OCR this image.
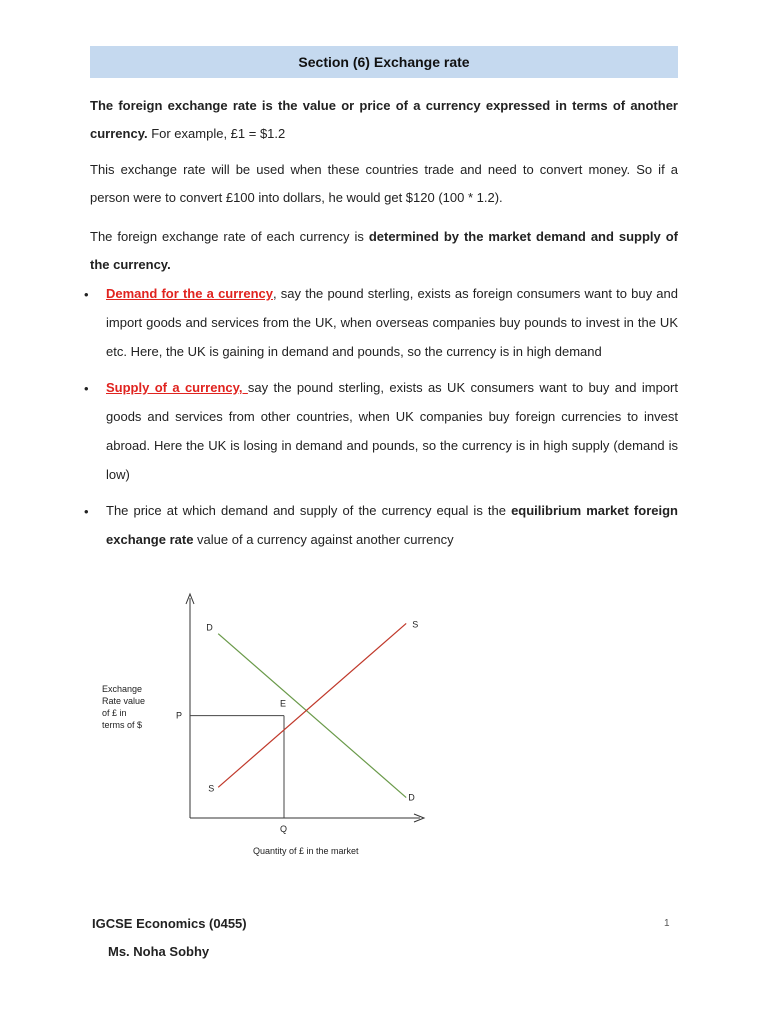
Section (6) Exchange rate
The foreign exchange rate is the value or price of a currency expressed in terms of another currency. For example, £1 = $1.2
This exchange rate will be used when these countries trade and need to convert money. So if a person were to convert £100 into dollars, he would get $120 (100 * 1.2).
The foreign exchange rate of each currency is determined by the market demand and supply of the currency.
• Demand for the a currency, say the pound sterling, exists as foreign consumers want to buy and import goods and services from the UK, when overseas companies buy pounds to invest in the UK etc. Here, the UK is gaining in demand and pounds, so the currency is in high demand
• Supply of a currency, say the pound sterling, exists as UK consumers want to buy and import goods and services from other countries, when UK companies buy foreign currencies to invest abroad. Here the UK is losing in demand and pounds, so the currency is in high supply (demand is low)
• The price at which demand and supply of the currency equal is the equilibrium market foreign exchange rate value of a currency against another currency
Exchange
Rate value
of £ in
terms of $
D
D
S
S
E
P
Q
Quantity of £ in the market
IGCSE Economics (0455)
Ms. Noha Sobhy
1
